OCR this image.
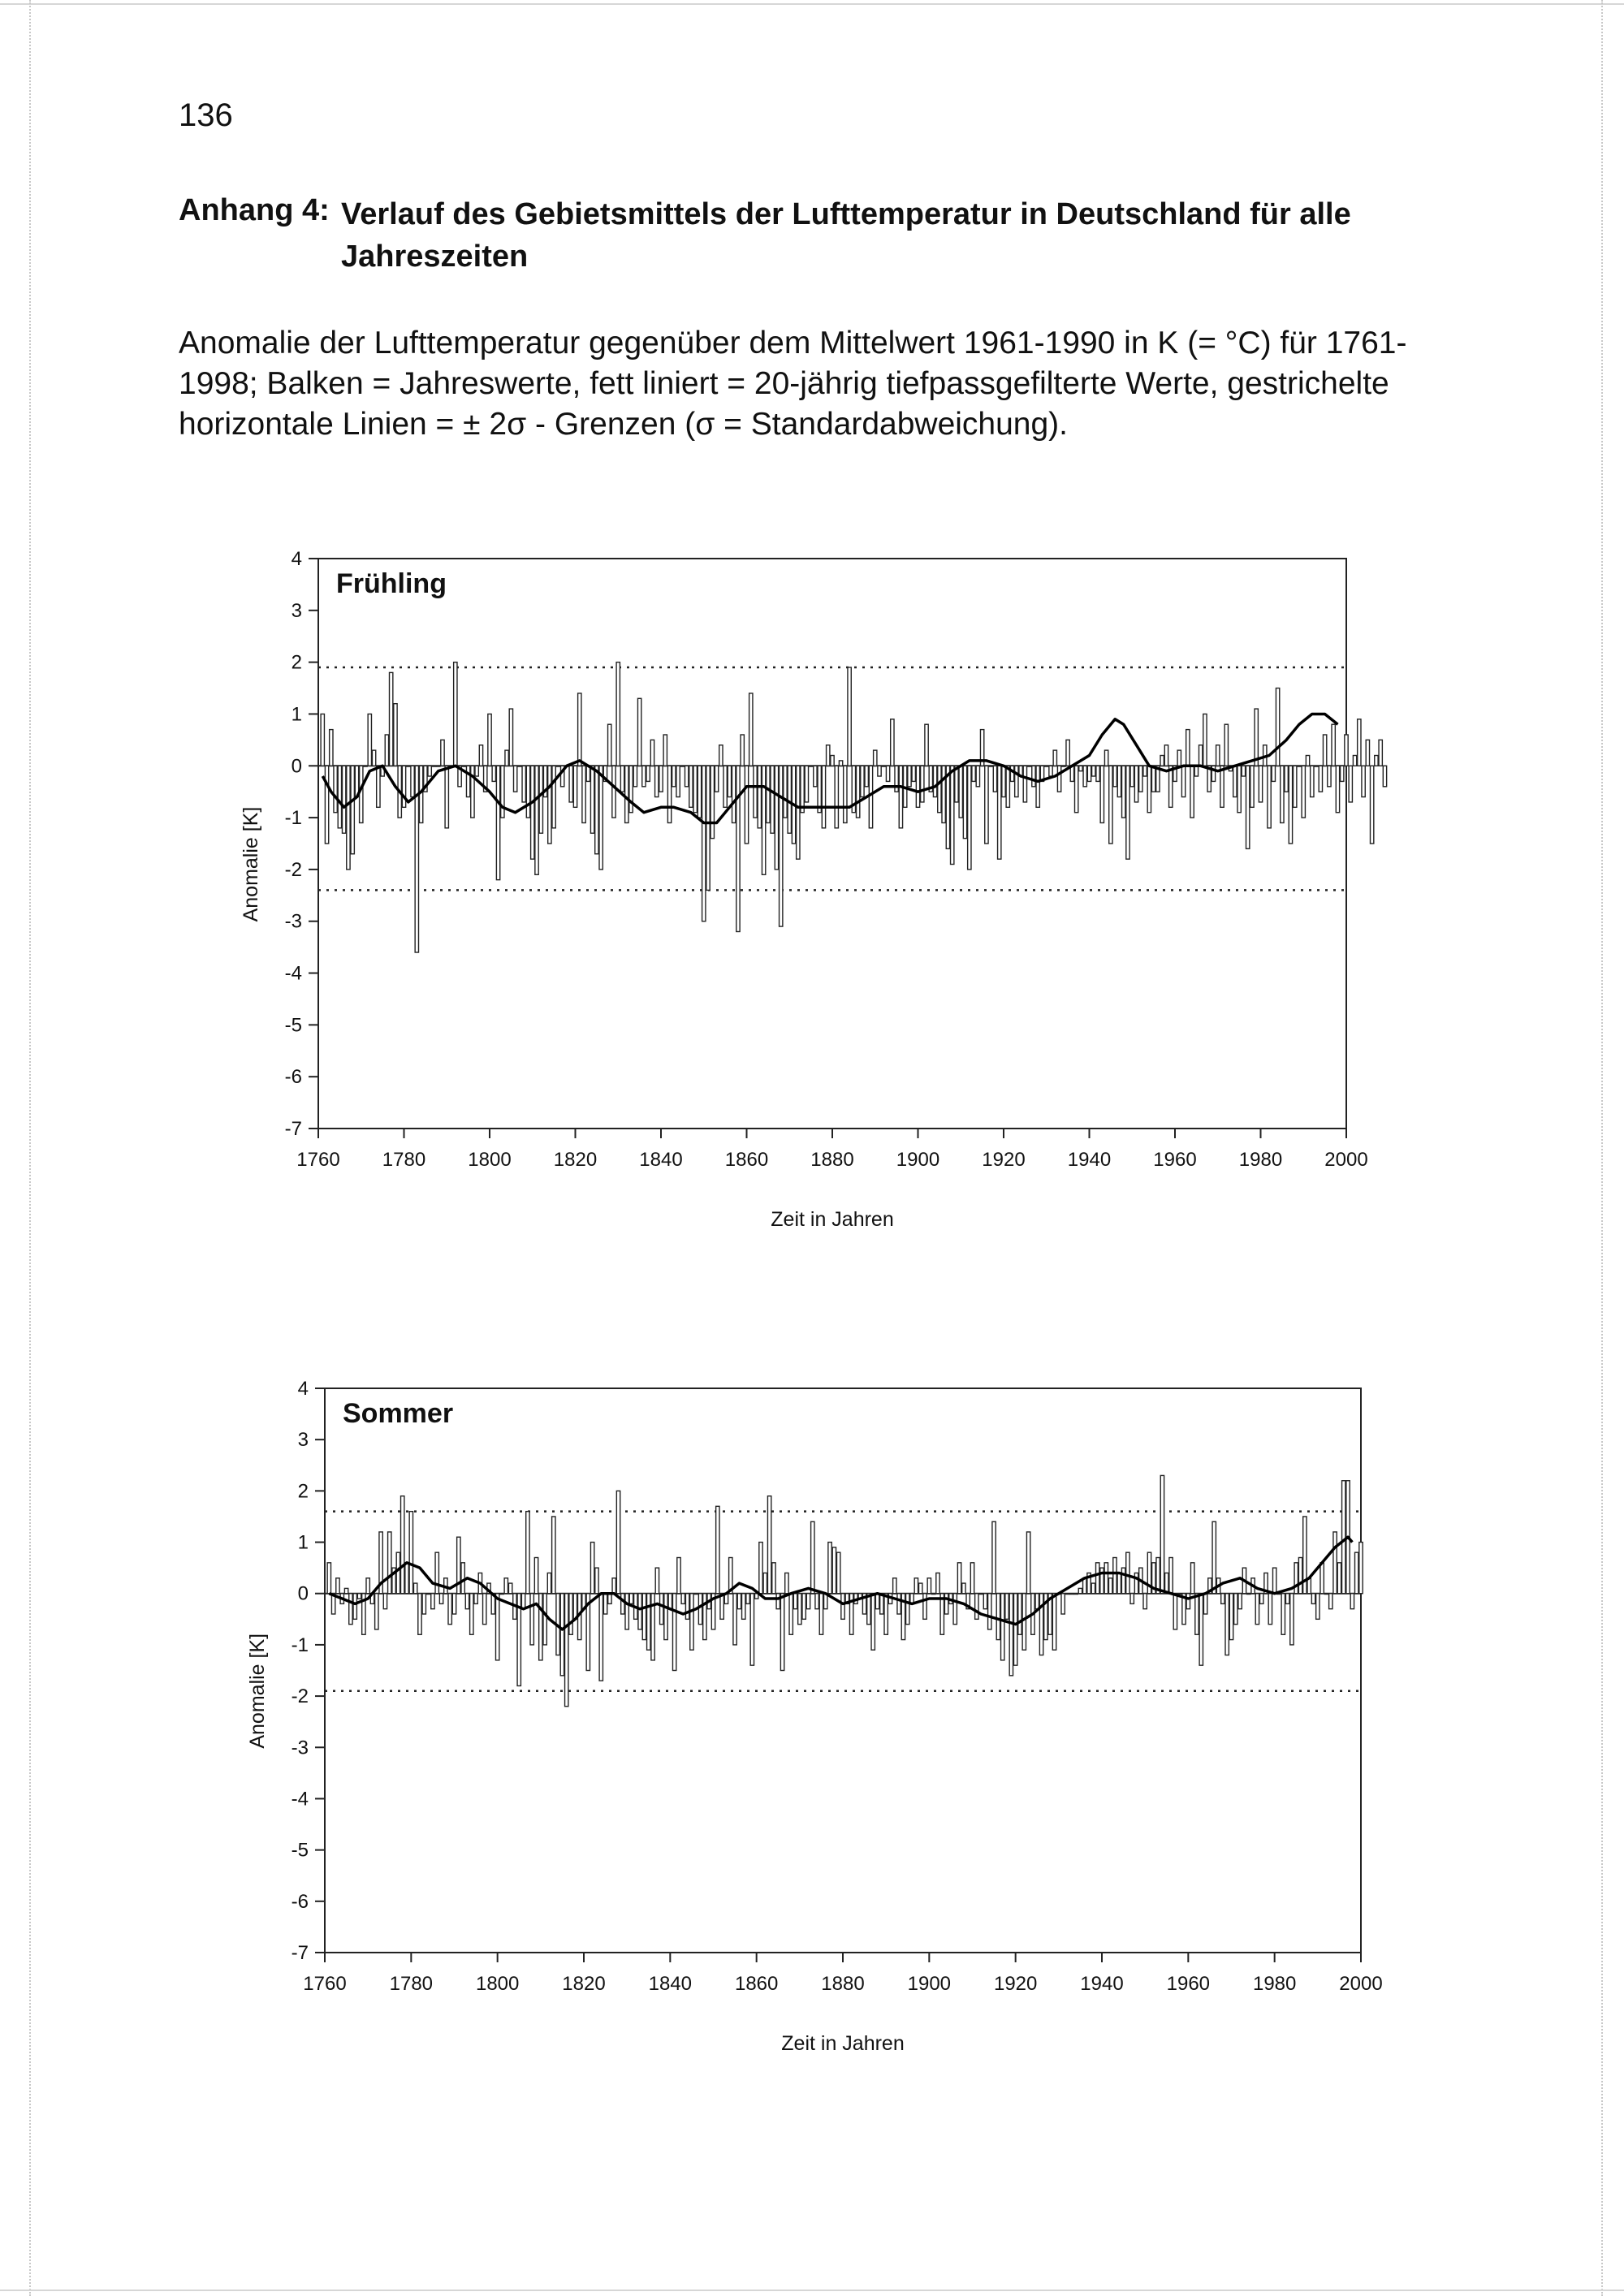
136
Anhang 4: Verlauf des Gebietsmittels der Lufttemperatur in Deutschland für alle Jahreszeiten
Anomalie der Lufttemperatur gegenüber dem Mittelwert 1961-1990 in K (= °C) für 1761-1998; Balken = Jahreswerte, fett liniert = 20-jährig tiefpassgefilterte Werte, gestrichelte horizontale Linien = ± 2σ - Grenzen (σ = Standardabweichung).
4
3
2
1
0
-1
-2
-3
-4
-5
-6
-7
1760 1780 1800 1820 1840 1860 1880 1900 1920 1940 1960 1980 2000
Frühling
Zeit in Jahren
Anomalie [K]
4
3
2
1
0
-1
-2
-3
-4
-5
-6
-7
1760 1780 1800 1820 1840 1860 1880 1900 1920 1940 1960 1980 2000
Sommer
Zeit in Jahren
Anomalie [K]
